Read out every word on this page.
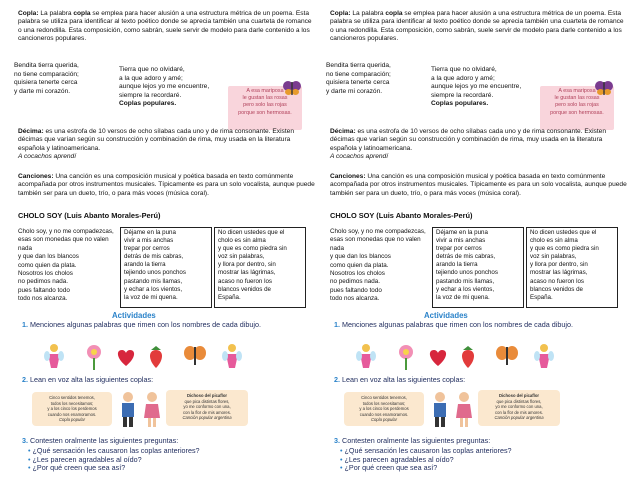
Copla: La palabra copla se emplea para hacer alusión a una estructura métrica de un poema. Esta palabra se utiliza para identificar al texto poético donde se aprecia también una cuarteta de romance o una redondilla. Esta composición, como sabrán, suele servir de modelo para darle contenido a los cancioneros populares.

Bendita tierra querida,
no tiene comparación;
quisiera tenerte cerca
y darte mi corazón.
Tierra que no olvidaré,
a la que adoro y amé;
aunque lejos yo me encuentre,
siempre la recordaré.
Coplas populares.
A esa mariposa
le gustan las rosas
pero solo las rojas
porque son hermosas.

Décima: es una estrofa de 10 versos de ocho sílabas cada uno y de rima consonante. Existen décimas que varían según su construcción y combinación de rima, muy usada en la literatura española y latinoamericana.
A cocachos aprendí

Canciones: Una canción es una composición musical y poética basada en texto comúnmente acompañada por otros instrumentos musicales. Típicamente es para un solo vocalista, aunque puede también ser para un dueto, trío, o para más voces (música coral).

CHOLO SOY (Luis Abanto Morales-Perú)
Cholo soy, y no me compadezcas,
esas son monedas que no valen nada
y que dan los blancos
como quien da plata.
Nosotros los cholos
no pedimos nada.
pues faltando todo
todo nos alcanza.
Déjame en la puna
vivir a mis anchas
trepar por cerros
detrás de mis cabras,
arando la tierra
tejiendo unos ponchos
pastando mis llamas,
y echar a los vientos,
la voz de mi quena.
No dicen ustedes que el
cholo es sin alma
y que es como piedra sin
voz sin palabras,
y llora por dentro, sin
mostrar las lágrimas,
acaso no fueron los
blancos venidos de
España.
Actividades
1. Menciones algunas palabras que rimen con los nombres de cada dibujo.
2. Lean en voz alta las siguientes coplas:
Cinco sentidos tenemos,
todos los necesitamos;
y a los cinco los perdemos
cuando nos enamoramos.
Copla popular
Dichoso del picaflor
que pica distintas flores,
yo me conformo con una,
con la flor de mis amores.
Canción popular argentina
3. Contesten oralmente las siguientes preguntas:
• ¿Qué sensación les causaron las coplas anteriores?
• ¿Les parecen agradables al oído?
• ¿Por qué creen que sea así?

Copla: La palabra copla se emplea para hacer alusión a una estructura métrica de un poema. Esta palabra se utiliza para identificar al texto poético donde se aprecia también una cuarteta de romance o una redondilla. Esta composición, como sabrán, suele servir de modelo para darle contenido a los cancioneros populares.

Bendita tierra querida,
no tiene comparación;
quisiera tenerte cerca
y darte mi corazón.
Tierra que no olvidaré,
a la que adoro y amé;
aunque lejos yo me encuentre,
siempre la recordaré.
Coplas populares.
A esa mariposa
le gustan las rosas
pero solo las rojas
porque son hermosas.

Décima: es una estrofa de 10 versos de ocho sílabas cada uno y de rima consonante. Existen décimas que varían según su construcción y combinación de rima, muy usada en la literatura española y latinoamericana.
A cocachos aprendí

Canciones: Una canción es una composición musical y poética basada en texto comúnmente acompañada por otros instrumentos musicales. Típicamente es para un solo vocalista, aunque puede también ser para un dueto, trío, o para más voces (música coral).

CHOLO SOY (Luis Abanto Morales-Perú)
Cholo soy, y no me compadezcas,
esas son monedas que no valen nada
y que dan los blancos
como quien da plata.
Nosotros los cholos
no pedimos nada.
pues faltando todo
todo nos alcanza.
Déjame en la puna
vivir a mis anchas
trepar por cerros
detrás de mis cabras,
arando la tierra
tejiendo unos ponchos
pastando mis llamas,
y echar a los vientos,
la voz de mi quena.
No dicen ustedes que el
cholo es sin alma
y que es como piedra sin
voz sin palabras,
y llora por dentro, sin
mostrar las lágrimas,
acaso no fueron los
blancos venidos de
España.
Actividades
1. Menciones algunas palabras que rimen con los nombres de cada dibujo.
2. Lean en voz alta las siguientes coplas:
Cinco sentidos tenemos,
todos los necesitamos;
y a los cinco los perdemos
cuando nos enamoramos.
Copla popular
Dichoso del picaflor
que pica distintas flores,
yo me conformo con una,
con la flor de mis amores.
Canción popular argentina
3. Contesten oralmente las siguientes preguntas:
• ¿Qué sensación les causaron las coplas anteriores?
• ¿Les parecen agradables al oído?
• ¿Por qué creen que sea así?
